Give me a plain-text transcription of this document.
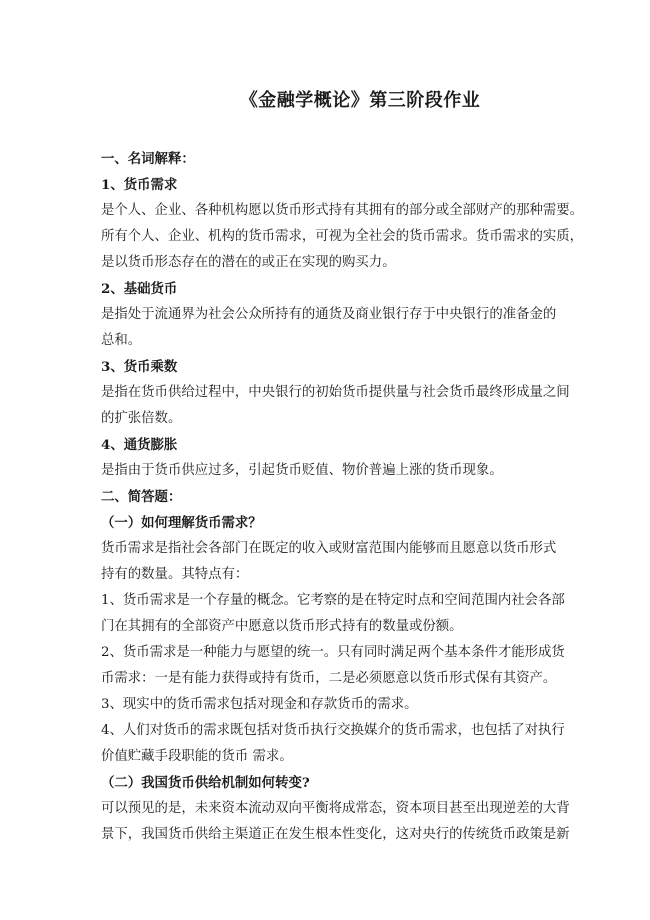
《金融学概论》第三阶段作业
一、名词解释：
1、货币需求
是个人、企业、各种机构愿以货币形式持有其拥有的部分或全部财产的那种需要。
所有个人、企业、机构的货币需求，可视为全社会的货币需求。货币需求的实质，
是以货币形态存在的潜在的或正在实现的购买力。
2、基础货币
是指处于流通界为社会公众所持有的通货及商业银行存于中央银行的准备金的
总和。
3、货币乘数
是指在货币供给过程中，中央银行的初始货币提供量与社会货币最终形成量之间
的扩张倍数。
4、通货膨胀
是指由于货币供应过多，引起货币贬值、物价普遍上涨的货币现象。
二、简答题：
（一）如何理解货币需求？
货币需求是指社会各部门在既定的收入或财富范围内能够而且愿意以货币形式
持有的数量。其特点有：
1、货币需求是一个存量的概念。它考察的是在特定时点和空间范围内社会各部
门在其拥有的全部资产中愿意以货币形式持有的数量或份额。
2、货币需求是一种能力与愿望的统一。只有同时满足两个基本条件才能形成货
币需求：一是有能力获得或持有货币，二是必须愿意以货币形式保有其资产。
3、现实中的货币需求包括对现金和存款货币的需求。
4、人们对货币的需求既包括对货币执行交换媒介的货币需求，也包括了对执行
价值贮藏手段职能的货币 需求。
（二）我国货币供给机制如何转变?
可以预见的是，未来资本流动双向平衡将成常态，资本项目甚至出现逆差的大背
景下，我国货币供给主渠道正在发生根本性变化，这对央行的传统货币政策是新
